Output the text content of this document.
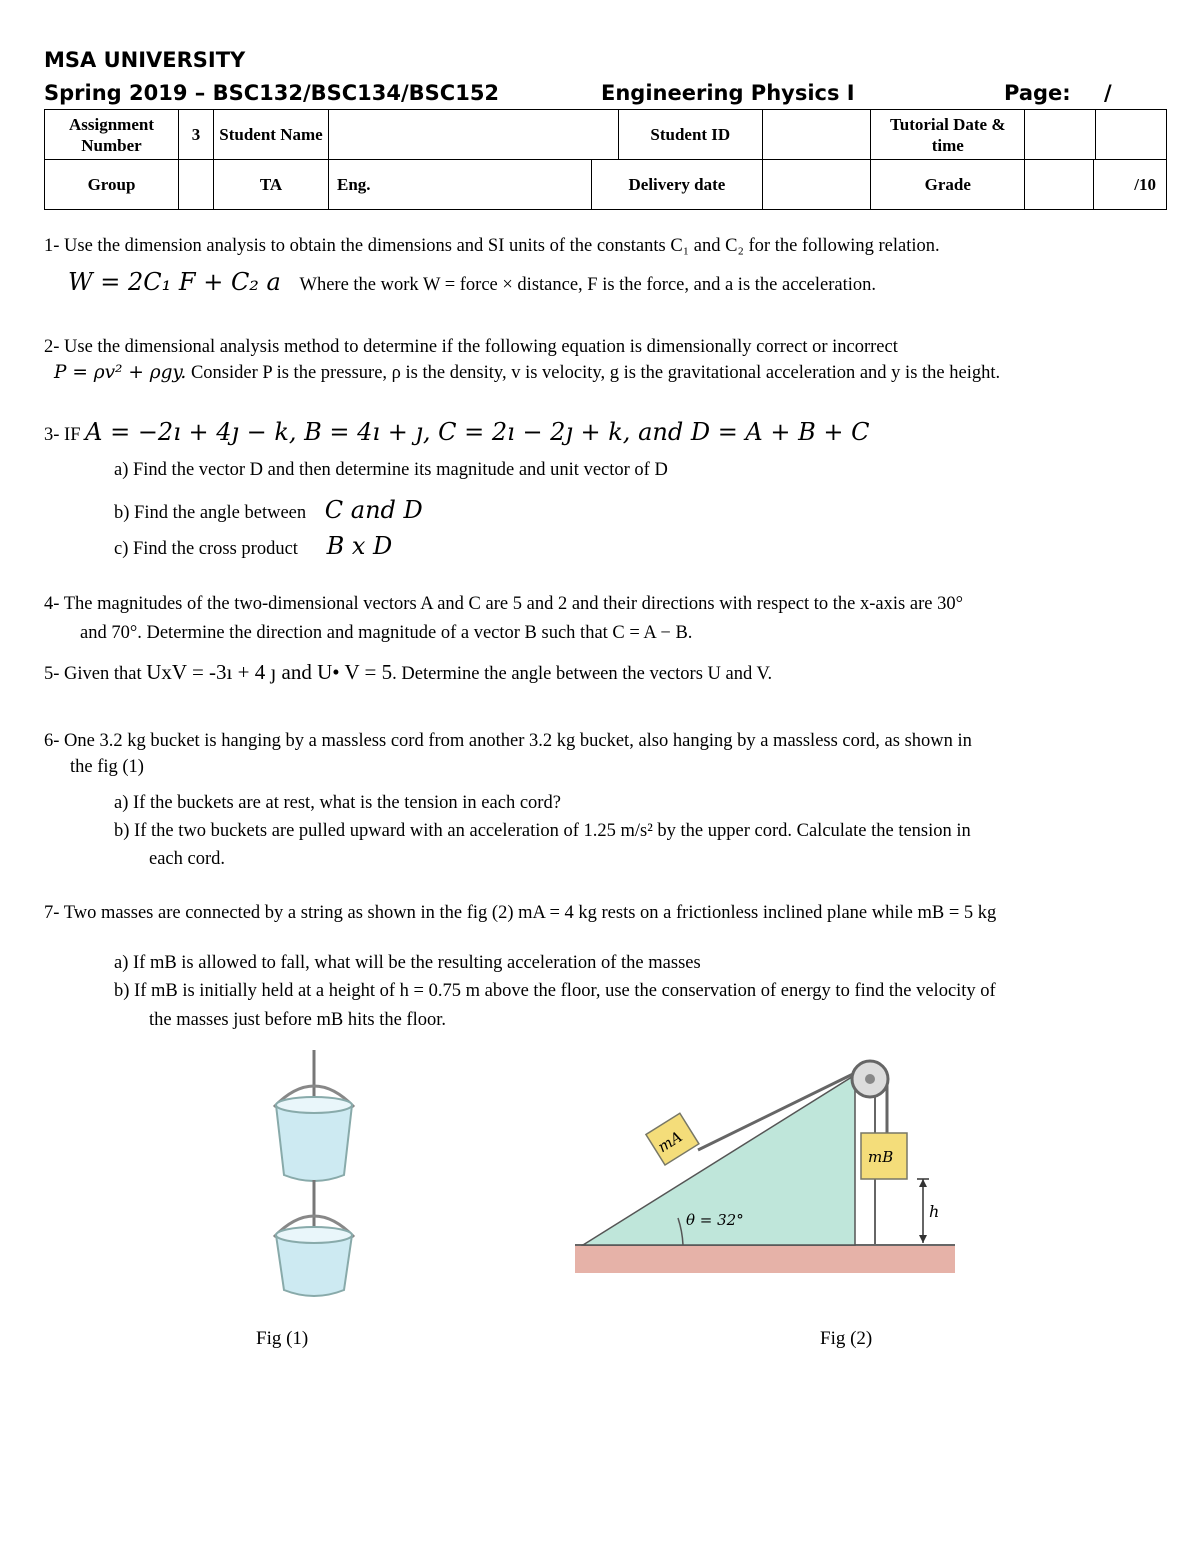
MSA UNIVERSITY
Spring 2019 – BSC132/BSC134/BSC152	Engineering Physics I	Page: /
Assignment Number	3	Student Name			Student ID		Tutorial Date & time			
Group		TA	Eng.	Delivery date			Grade		/10	
1- Use the dimension analysis to obtain the dimensions and SI units of the constants C₁ and C₂ for the following relation.
W = 2C₁ F + C₂ a Where the work W = force × distance, F is the force, and a is the acceleration.
2- Use the dimensional analysis method to determine if the following equation is dimensionally correct or incorrect
P = ρv² + ρgy. Consider P is the pressure, ρ is the density, v is velocity, g is the gravitational acceleration and y is the height.
3- IF A = −2ı + 4ȷ − k, B = 4ı + ȷ, C = 2ı − 2ȷ + k, and D = A + B + C
a) Find the vector D and then determine its magnitude and unit vector of D
b) Find the angle between C and D
c) Find the cross product B x D
4- The magnitudes of the two-dimensional vectors A and C are 5 and 2 and their directions with respect to the x-axis are 30°
and 70°. Determine the direction and magnitude of a vector B such that C = A − B.
5- Given that UxV = -3ı + 4 ȷ and U• V = 5. Determine the angle between the vectors U and V.
6- One 3.2 kg bucket is hanging by a massless cord from another 3.2 kg bucket, also hanging by a massless cord, as shown in
the fig (1)
a) If the buckets are at rest, what is the tension in each cord?
b) If the two buckets are pulled upward with an acceleration of 1.25 m/s² by the upper cord. Calculate the tension in
each cord.
7- Two masses are connected by a string as shown in the fig (2) mA = 4 kg rests on a frictionless inclined plane while mB = 5 kg
a) If mB is allowed to fall, what will be the resulting acceleration of the masses
b) If mB is initially held at a height of h = 0.75 m above the floor, use the conservation of energy to find the velocity of
the masses just before mB hits the floor.
Fig (1)
mA
mB
θ = 32°	h
Fig (2)
